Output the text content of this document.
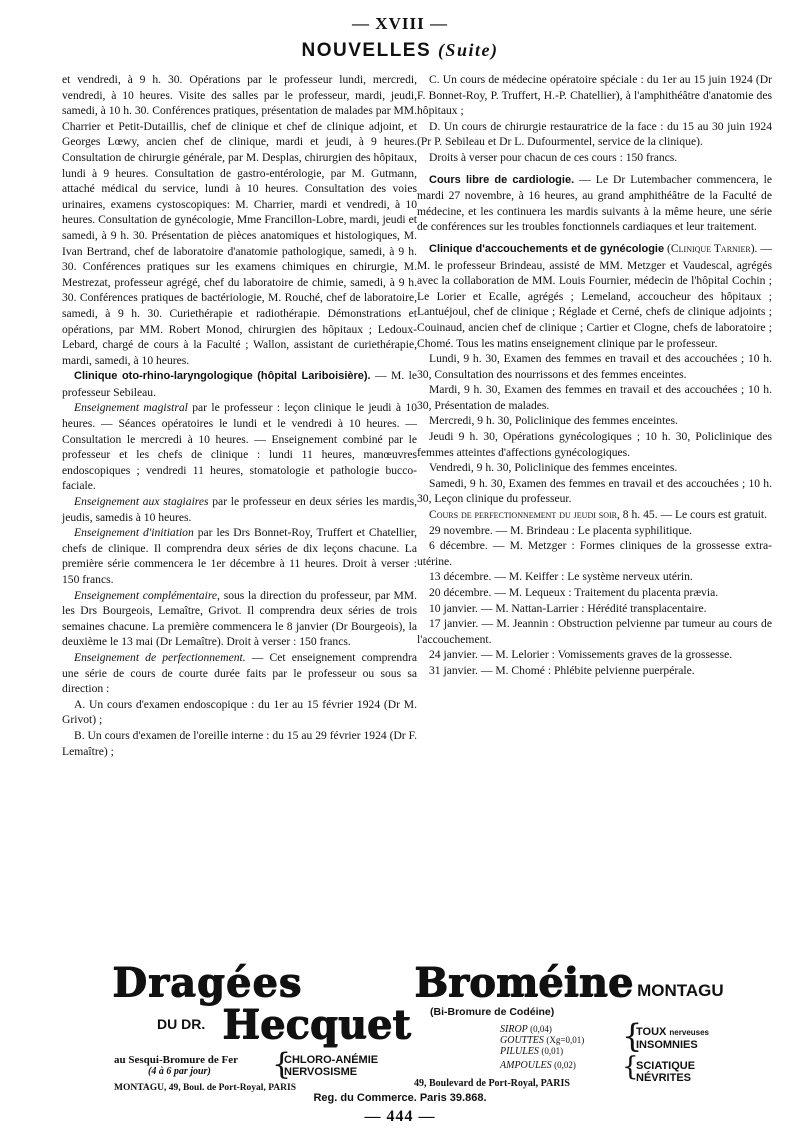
— XVIII —
NOUVELLES (Suite)

et vendredi, à 9 h. 30. Opérations par le professeur lundi, mercredi, vendredi, à 10 heures. Visite des salles par le professeur, mardi, jeudi, samedi, à 10 h. 30. Conférences pratiques, présentation de malades par MM. Charrier et Petit-Dutaillis, chef de clinique et chef de clinique adjoint, et Georges Lœwy, ancien chef de clinique, mardi et jeudi, à 9 heures. Consultation de chirurgie générale, par M. Desplas, chirurgien des hôpitaux, lundi à 9 heures. Consultation de gastro-entérologie, par M. Gutmann, attaché médical du service, lundi à 10 heures. Consultation des voies urinaires, examens cystoscopiques: M. Charrier, mardi et vendredi, à 10 heures. Consultation de gynécologie, Mme Francillon-Lobre, mardi, jeudi et samedi, à 9 h. 30. Présentation de pièces anatomiques et histologiques, M. Ivan Bertrand, chef de laboratoire d'anatomie pathologique, samedi, à 9 h. 30. Conférences pratiques sur les examens chimiques en chirurgie, M. Mestrezat, professeur agrégé, chef du laboratoire de chimie, samedi, à 9 h. 30. Conférences pratiques de bactériologie, M. Rouché, chef de laboratoire, samedi, à 9 h. 30. Curiethérapie et radiothérapie. Démonstrations et opérations, par MM. Robert Monod, chirurgien des hôpitaux ; Ledoux-Lebard, chargé de cours à la Faculté ; Wallon, assistant de curiethérapie, mardi, samedi, à 10 heures.

Clinique oto-rhino-laryngologique (hôpital Lariboisière). — M. le professeur Sebileau.

Enseignement magistral par le professeur : leçon clinique le jeudi à 10 heures. — Séances opératoires le lundi et le vendredi à 10 heures. — Consultation le mercredi à 10 heures. — Enseignement combiné par le professeur et les chefs de clinique : lundi 11 heures, manœuvres endoscopiques ; vendredi 11 heures, stomatologie et pathologie bucco-faciale.

Enseignement aux stagiaires par le professeur en deux séries les mardis, jeudis, samedis à 10 heures.

Enseignement d'initiation par les Drs Bonnet-Roy, Truffert et Chatellier, chefs de clinique. Il comprendra deux séries de dix leçons chacune. La première série commencera le 1er décembre à 11 heures. Droit à verser : 150 francs.

Enseignement complémentaire, sous la direction du professeur, par MM. les Drs Bourgeois, Lemaître, Grivot. Il comprendra deux séries de trois semaines chacune. La première commencera le 8 janvier (Dr Bourgeois), la deuxième le 13 mai (Dr Lemaître). Droit à verser : 150 francs.

Enseignement de perfectionnement. — Cet enseignement comprendra une série de cours de courte durée faits par le professeur ou sous sa direction :

A. Un cours d'examen endoscopique : du 1er au 15 février 1924 (Dr M. Grivot) ;

B. Un cours d'examen de l'oreille interne : du 15 au 29 février 1924 (Dr F. Lemaître) ;

C. Un cours de médecine opératoire spéciale : du 1er au 15 juin 1924 (Dr F. Bonnet-Roy, P. Truffert, H.-P. Chatellier), à l'amphithéâtre d'anatomie des hôpitaux ;

D. Un cours de chirurgie restauratrice de la face : du 15 au 30 juin 1924 (Pr P. Sebileau et Dr L. Dufourmentel, service de la clinique).

Droits à verser pour chacun de ces cours : 150 francs.

Cours libre de cardiologie. — Le Dr Lutembacher commencera, le mardi 27 novembre, à 16 heures, au grand amphithéâtre de la Faculté de médecine, et les continuera les mardis suivants à la même heure, une série de conférences sur les troubles fonctionnels cardiaques et leur traitement.

Clinique d'accouchements et de gynécologie (Clinique Tarnier). — M. le professeur Brindeau, assisté de MM. Metzger et Vaudescal, agrégés avec la collaboration de MM. Louis Fournier, médecin de l'hôpital Cochin ; Le Lorier et Ecalle, agrégés ; Lemeland, accoucheur des hôpitaux ; Lantuéjoul, chef de clinique ; Réglade et Cerné, chefs de clinique adjoints ; Couinaud, ancien chef de clinique ; Cartier et Clogne, chefs de laboratoire ; Chomé. Tous les matins enseignement clinique par le professeur.

Lundi, 9 h. 30, Examen des femmes en travail et des accouchées ; 10 h. 30, Consultation des nourrissons et des femmes enceintes.

Mardi, 9 h. 30, Examen des femmes en travail et des accouchées ; 10 h. 30, Présentation de malades.

Mercredi, 9 h. 30, Policlinique des femmes enceintes.

Jeudi 9 h. 30, Opérations gynécologiques ; 10 h. 30, Policlinique des femmes atteintes d'affections gynécologiques.

Vendredi, 9 h. 30, Policlinique des femmes enceintes.

Samedi, 9 h. 30, Examen des femmes en travail et des accouchées ; 10 h. 30, Leçon clinique du professeur.

Cours de perfectionnement du jeudi soir, 8 h. 45. — Le cours est gratuit.

29 novembre. — M. Brindeau : Le placenta syphilitique.

6 décembre. — M. Metzger : Formes cliniques de la grossesse extra-utérine.

13 décembre. — M. Keiffer : Le système nerveux utérin.

20 décembre. — M. Lequeux : Traitement du placenta prævia.

10 janvier. — M. Nattan-Larrier : Hérédité transplacentaire.

17 janvier. — M. Jeannin : Obstruction pelvienne par tumeur au cours de l'accouchement.

24 janvier. — M. Lelorier : Vomissements graves de la grossesse.

31 janvier. — M. Chomé : Phlébite pelvienne puerpérale.

Dragées
DU DR. Hecquet
au Sesqui-Bromure de Fer
(4 à 6 par jour) {
CHLORO-ANÉMIE
NERVOSISME
MONTAGU, 49, Boul. de Port-Royal, PARIS
Broméine MONTAGU
(Bi-Bromure de Codéine)
SIROP (0,04)
GOUTTES (Xg=0,01)
PILULES (0,01)	{
TOUX nerveuses
INSOMNIES
AMPOULES (0,02) {
SCIATIQUE
NÉVRITES
49, Boulevard de Port-Royal, PARIS
Reg. du Commerce. Paris 39.868.
— 444 —
